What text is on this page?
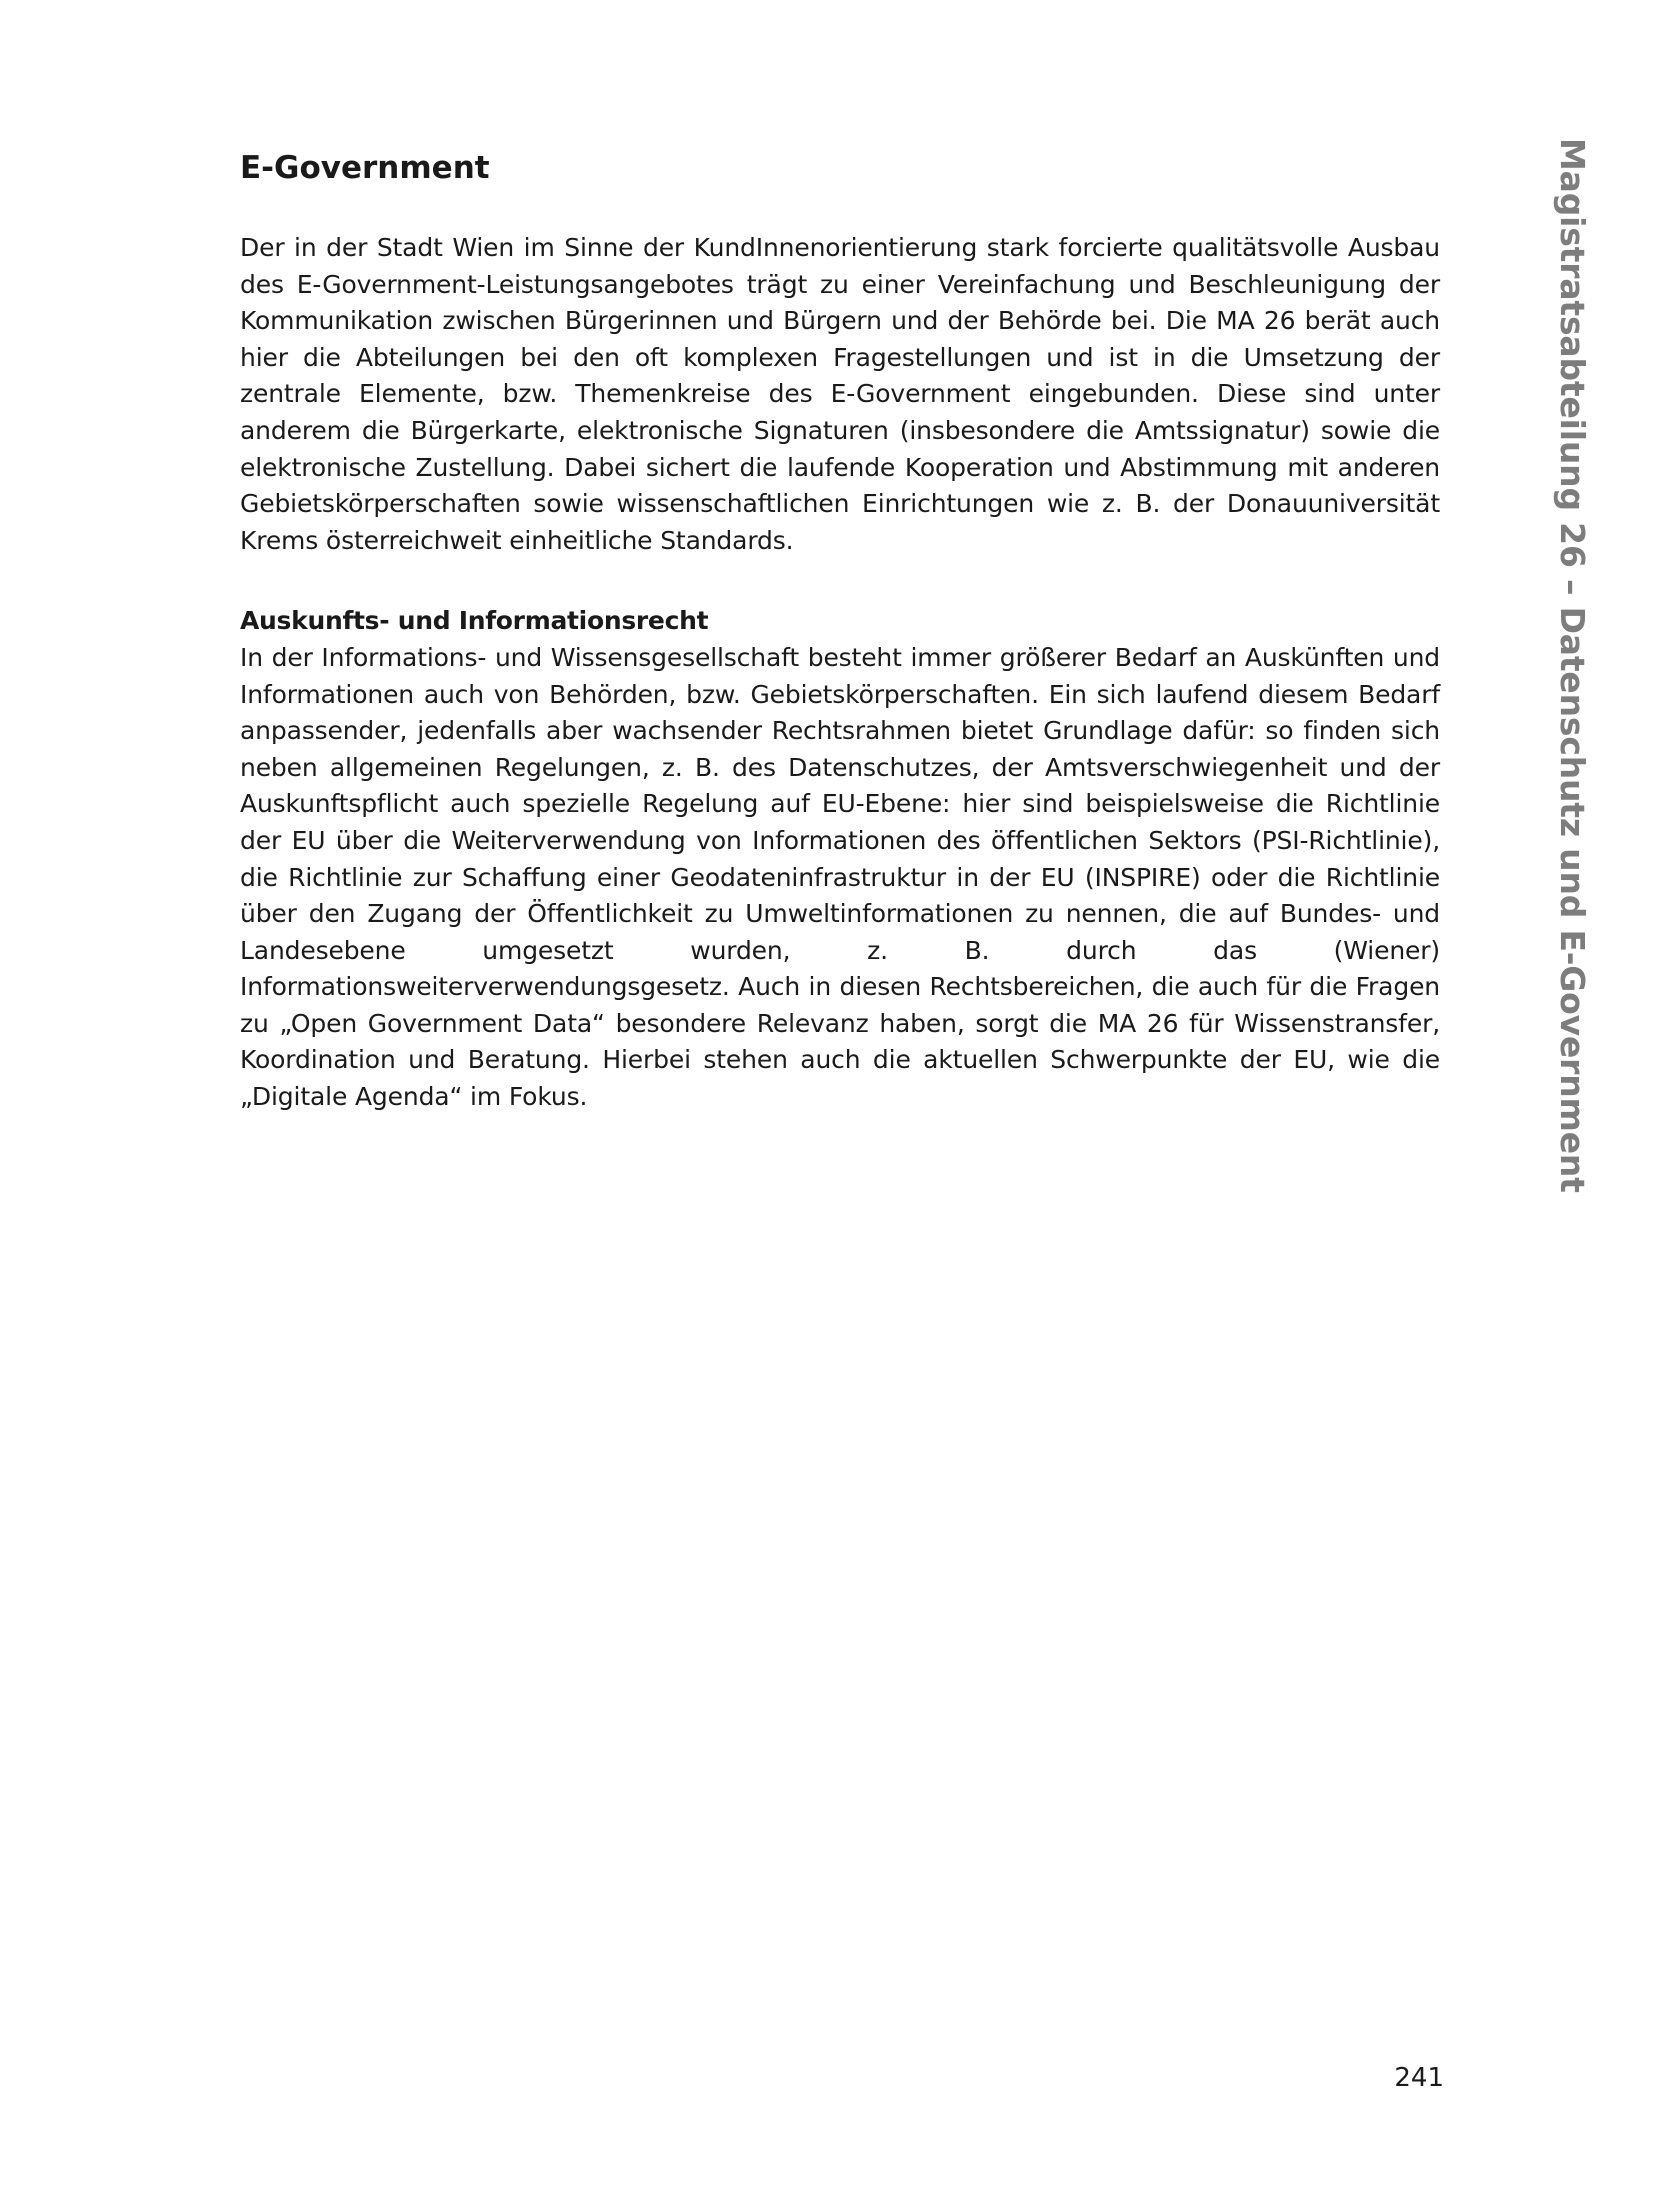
E-Government

Der in der Stadt Wien im Sinne der KundInnenorientierung stark forcierte qualitätsvolle Ausbau des E-Government-Leistungsangebotes trägt zu einer Vereinfachung und Beschleunigung der Kommunikation zwischen Bürgerinnen und Bürgern und der Behörde bei. Die MA 26 berät auch hier die Abteilungen bei den oft komplexen Fragestellungen und ist in die Umsetzung der zentrale Elemente, bzw. Themenkreise des E-Government eingebunden. Diese sind unter anderem die Bürgerkarte, elektronische Signaturen (insbesondere die Amtssignatur) sowie die elektronische Zustellung. Dabei sichert die laufende Kooperation und Abstimmung mit anderen Gebietskörperschaften sowie wissenschaftlichen Einrichtungen wie z. B. der Donauuniversität Krems österreichweit einheitliche Standards.

Auskunfts- und Informationsrecht

In der Informations- und Wissensgesellschaft besteht immer größerer Bedarf an Auskünften und Informationen auch von Behörden, bzw. Gebietskörperschaften. Ein sich laufend diesem Bedarf anpassender, jedenfalls aber wachsender Rechtsrahmen bietet Grundlage dafür: so finden sich neben allgemeinen Regelungen, z. B. des Datenschutzes, der Amtsverschwiegenheit und der Auskunftspflicht auch spezielle Regelung auf EU-Ebene: hier sind beispielsweise die Richtlinie der EU über die Weiterverwendung von Informationen des öffentlichen Sektors (PSI-Richtlinie), die Richtlinie zur Schaffung einer Geodateninfrastruktur in der EU (INSPIRE) oder die Richtlinie über den Zugang der Öffentlichkeit zu Umweltinformationen zu nennen, die auf Bundes- und Landesebene umgesetzt wurden, z. B. durch das (Wiener) Informationsweiterverwendungsgesetz. Auch in diesen Rechtsbereichen, die auch für die Fragen zu „Open Government Data“ besondere Relevanz haben, sorgt die MA 26 für Wissenstransfer, Koordination und Beratung. Hierbei stehen auch die aktuellen Schwerpunkte der EU, wie die „Digitale Agenda“ im Fokus.	Magistratsabteilung 26 – Datenschutz und E-Government
241
